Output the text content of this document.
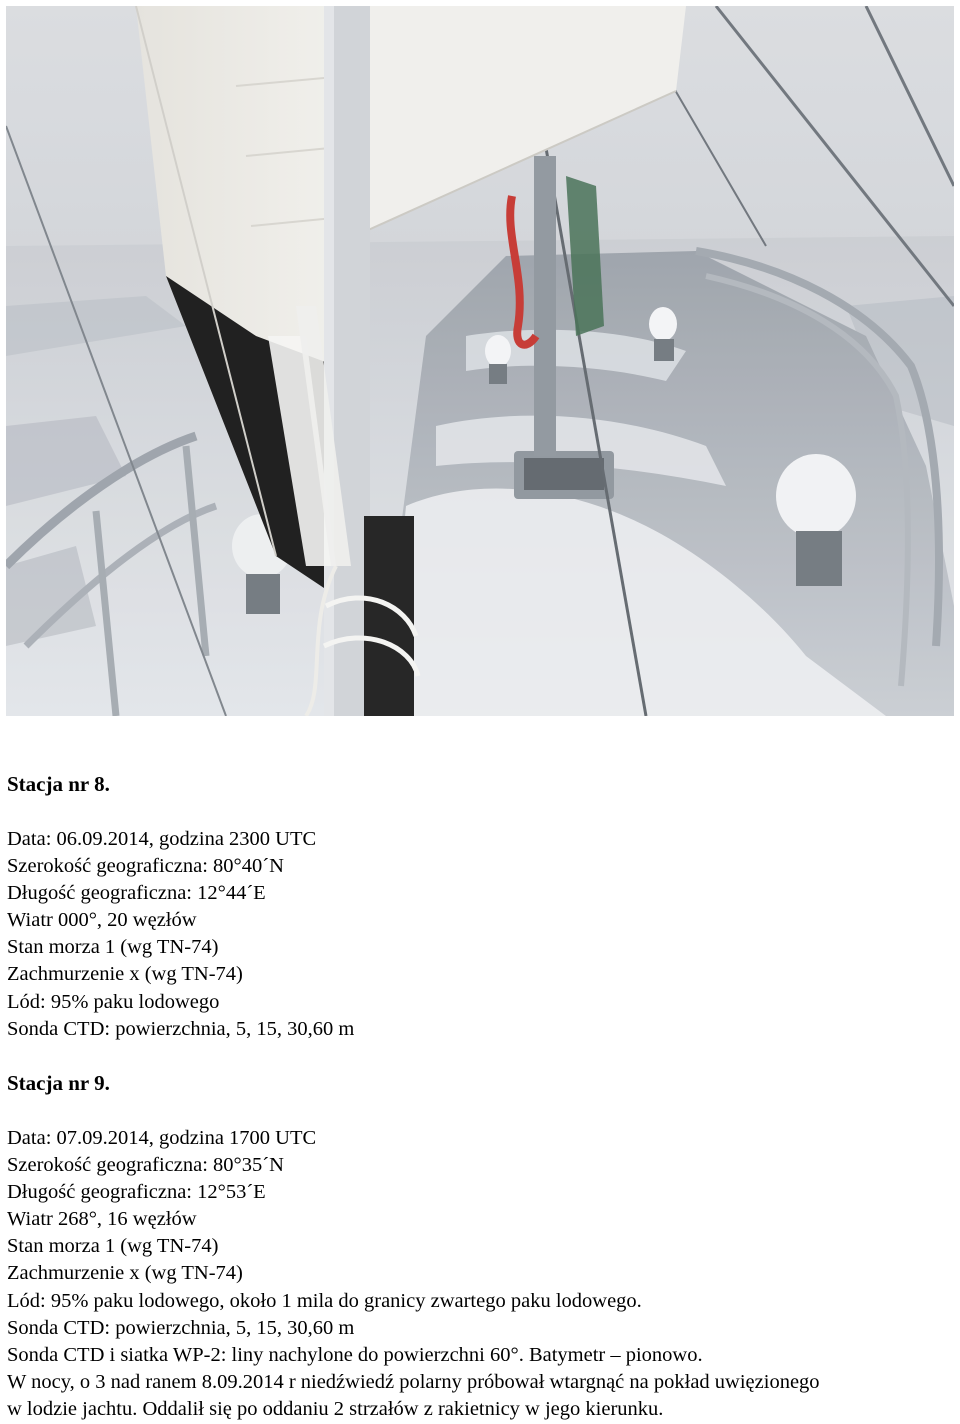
Stacja nr 8.

Data: 06.09.2014, godzina 2300 UTC
Szerokość geograficzna: 80°40´N
Długość geograficzna: 12°44´E
Wiatr 000°, 20 węzłów
Stan morza 1 (wg TN-74)
Zachmurzenie x (wg TN-74)
Lód: 95% paku lodowego
Sonda CTD: powierzchnia, 5, 15, 30,60 m

Stacja nr 9.

Data: 07.09.2014, godzina 1700 UTC
Szerokość geograficzna: 80°35´N
Długość geograficzna: 12°53´E
Wiatr 268°, 16 węzłów
Stan morza 1 (wg TN-74)
Zachmurzenie x (wg TN-74)
Lód: 95% paku lodowego, około 1 mila do granicy zwartego paku lodowego.
Sonda CTD: powierzchnia, 5, 15, 30,60 m
Sonda CTD i siatka WP-2: liny nachylone do powierzchni 60°. Batymetr – pionowo.
W nocy, o 3 nad ranem 8.09.2014 r niedźwiedź polarny próbował wtargnąć na pokład uwięzionego
w lodzie jachtu. Oddalił się po oddaniu 2 strzałów z rakietnicy w jego kierunku.
